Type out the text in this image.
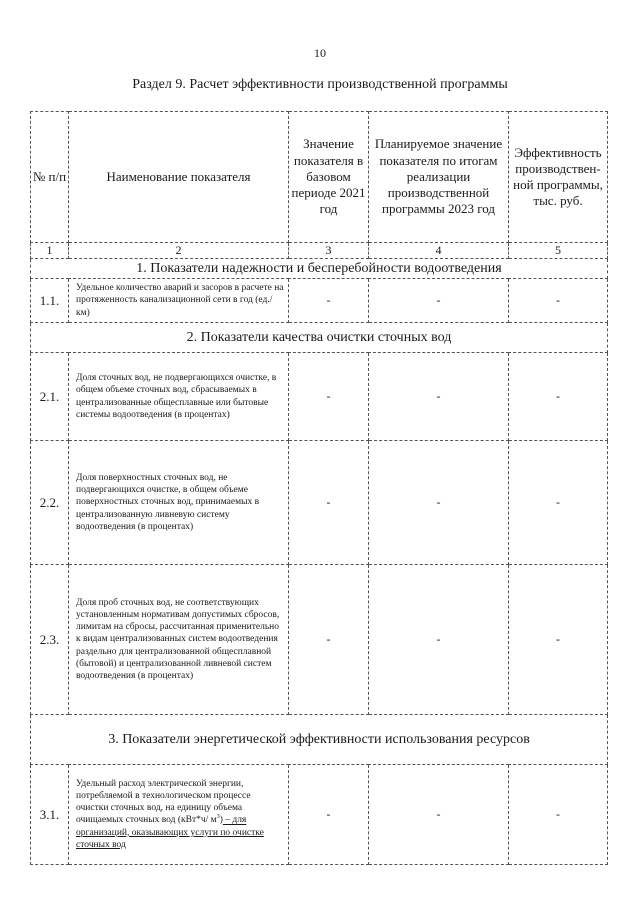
10
Раздел 9. Расчет эффективности производственной программы
№ п/п	Наименование показателя	Значение показателя в базовом периоде 2021 год	Планируемое значение показателя по итогам реализации производственной программы 2023 год	Эффективность производствен-ной программы, тыс. руб.
1	2	3	4	5
1. Показатели надежности и бесперебойности водоотведения				
1.1.	Удельное количество аварий и засоров в расчете на протяженность канализационной сети в год (ед./км)	-	-	-
2. Показатели качества очистки сточных вод				
2.1.	Доля сточных вод, не подвергающихся очистке, в общем объеме сточных вод, сбрасываемых в централизованные общесплавные или бытовые системы водоотведения (в процентах)	-	-	-
2.2.	Доля поверхностных сточных вод, не подвергающихся очистке, в общем объеме поверхностных сточных вод, принимаемых в централизованную ливневую систему водоотведения (в процентах)	-	-	-
2.3.	Доля проб сточных вод, не соответствующих установленным нормативам допустимых сбросов, лимитам на сбросы, рассчитанная применительно к видам централизованных систем водоотведения раздельно для централизованной общесплавной (бытовой) и централизованной ливневой систем водоотведения (в процентах)	-	-	-
3. Показатели энергетической эффективности использования ресурсов				
3.1.	Удельный расход электрической энергии, потребляемой в технологическом процессе очистки сточных вод, на единицу объема очищаемых сточных вод (кВт*ч/ $м^3$) – для организаций, оказывающих услуги по очистке сточных вод	-	-	-
